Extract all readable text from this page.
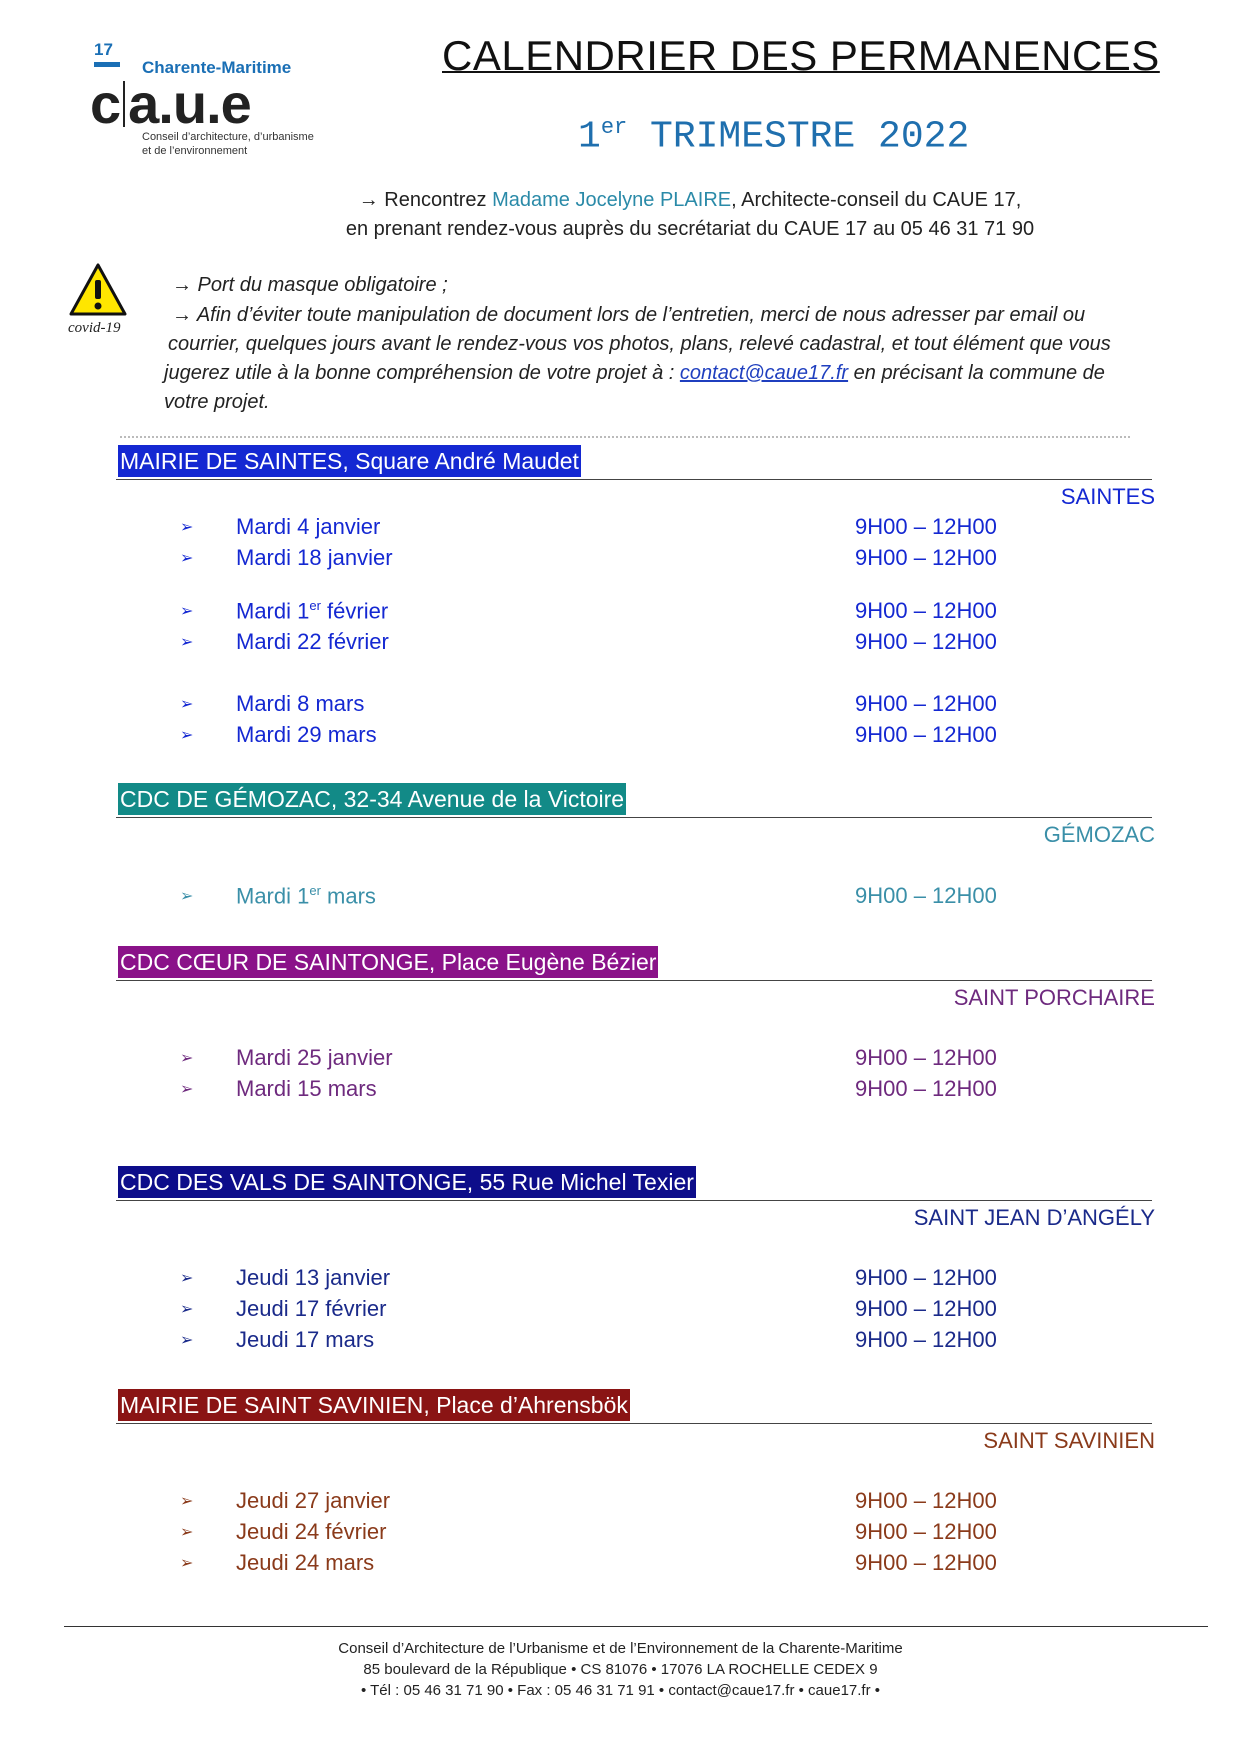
17
Charente-Maritime
c a.u.e
Conseil d’architecture, d’urbanisme
et de l’environnement
CALENDRIER DES PERMANENCES
1er TRIMESTRE 2022
→ Rencontrez Madame Jocelyne PLAIRE, Architecte-conseil du CAUE 17,
en prenant rendez-vous auprès du secrétariat du CAUE 17 au 05 46 31 71 90
covid-19
→ Port du masque obligatoire ;
→ Afin d’éviter toute manipulation de document lors de l’entretien, merci de nous adresser par email ou
courrier, quelques jours avant le rendez-vous vos photos, plans, relevé cadastral, et tout élément que vous
jugerez utile à la bonne compréhension de votre projet à : contact@caue17.fr en précisant la commune de
votre projet.
MAIRIE DE SAINTES, Square André Maudet
SAINTES
➢ Mardi 4 janvier	9H00 – 12H00
➢ Mardi 18 janvier	9H00 – 12H00
➢ Mardi 1er février	9H00 – 12H00
➢ Mardi 22 février	9H00 – 12H00
➢ Mardi 8 mars	9H00 – 12H00
➢ Mardi 29 mars	9H00 – 12H00
CDC DE GÉMOZAC, 32-34 Avenue de la Victoire
GÉMOZAC
➢ Mardi 1er mars	9H00 – 12H00
CDC CŒUR DE SAINTONGE, Place Eugène Bézier
SAINT PORCHAIRE
➢ Mardi 25 janvier	9H00 – 12H00
➢ Mardi 15 mars	9H00 – 12H00
CDC DES VALS DE SAINTONGE, 55 Rue Michel Texier
SAINT JEAN D’ANGÉLY
➢ Jeudi 13 janvier	9H00 – 12H00
➢ Jeudi 17 février	9H00 – 12H00
➢ Jeudi 17 mars	9H00 – 12H00
MAIRIE DE SAINT SAVINIEN, Place d’Ahrensbök
SAINT SAVINIEN
➢ Jeudi 27 janvier	9H00 – 12H00
➢ Jeudi 24 février	9H00 – 12H00
➢ Jeudi 24 mars	9H00 – 12H00
Conseil d’Architecture de l’Urbanisme et de l’Environnement de la Charente-Maritime
85 boulevard de la République • CS 81076 • 17076 LA ROCHELLE CEDEX 9
• Tél : 05 46 31 71 90 • Fax : 05 46 31 71 91 • contact@caue17.fr • caue17.fr •
